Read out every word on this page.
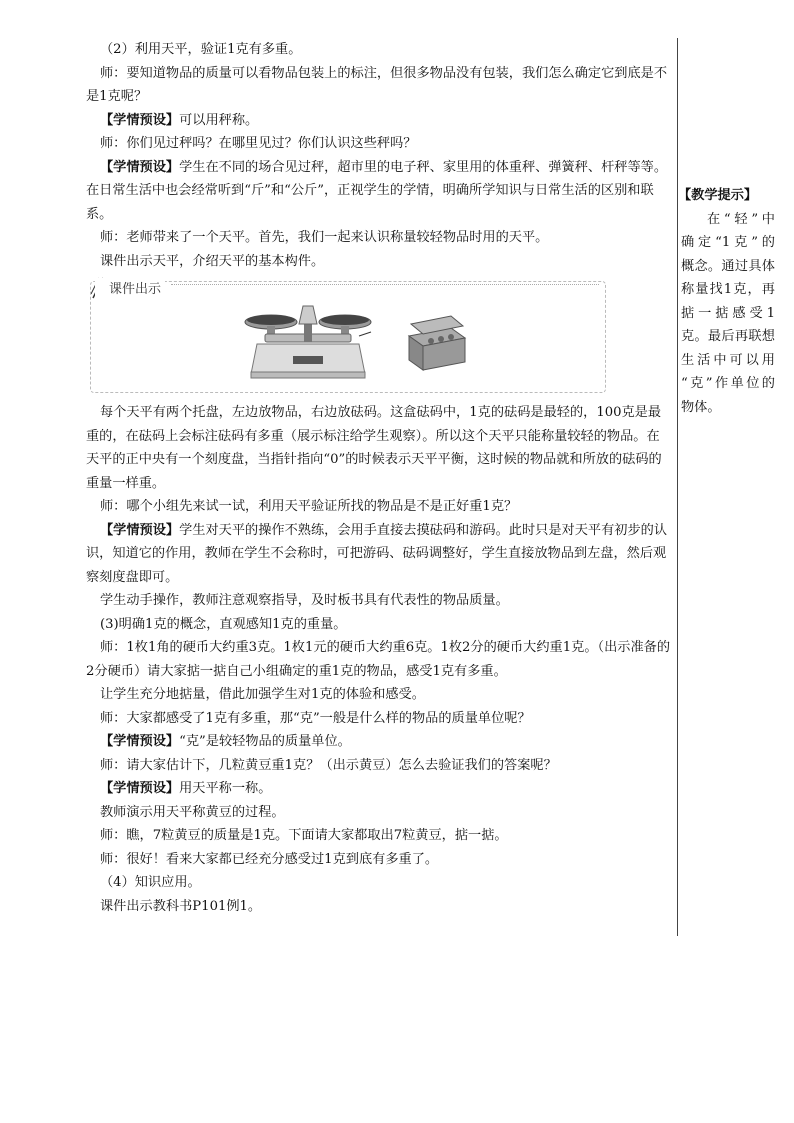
（2）利用天平，验证1克有多重。

师：要知道物品的质量可以看物品包装上的标注，但很多物品没有包装，我们怎么确定它到底是不是1克呢？

【学情预设】可以用秤称。

师：你们见过秤吗？在哪里见过？你们认识这些秤吗？

【学情预设】学生在不同的场合见过秤，超市里的电子秤、家里用的体重秤、弹簧秤、杆秤等等。在日常生活中也会经常听到“斤”和“公斤”，正视学生的学情，明确所学知识与日常生活的区别和联系。

师：老师带来了一个天平。首先，我们一起来认识称量较轻物品时用的天平。

课件出示天平，介绍天平的基本构件。

课件出示

每个天平有两个托盘，左边放物品，右边放砝码。这盒砝码中，1克的砝码是最轻的，100克是最重的，在砝码上会标注砝码有多重（展示标注给学生观察）。所以这个天平只能称量较轻的物品。在天平的正中央有一个刻度盘，当指针指向“0”的时候表示天平平衡，这时候的物品就和所放的砝码的重量一样重。

师：哪个小组先来试一试，利用天平验证所找的物品是不是正好重1克？

【学情预设】学生对天平的操作不熟练，会用手直接去摸砝码和游码。此时只是对天平有初步的认识，知道它的作用，教师在学生不会称时，可把游码、砝码调整好，学生直接放物品到左盘，然后观察刻度盘即可。

学生动手操作，教师注意观察指导，及时板书具有代表性的物品质量。

(3)明确1克的概念，直观感知1克的重量。

师：1枚1角的硬币大约重3克。1枚1元的硬币大约重6克。1枚2分的硬币大约重1克。（出示准备的2分硬币）请大家掂一掂自己小组确定的重1克的物品，感受1克有多重。

让学生充分地掂量，借此加强学生对1克的体验和感受。

师：大家都感受了1克有多重，那“克”一般是什么样的物品的质量单位呢？

【学情预设】“克”是较轻物品的质量单位。

师：请大家估计下，几粒黄豆重1克？（出示黄豆）怎么去验证我们的答案呢？

【学情预设】用天平称一称。

教师演示用天平称黄豆的过程。

师：瞧，7粒黄豆的质量是1克。下面请大家都取出7粒黄豆，掂一掂。

师：很好！看来大家都已经充分感受过1克到底有多重了。

（4）知识应用。

课件出示教科书P101例1。

【教学提示】
在“轻”中
确定“1克”的
概念。通过具体
称量找1克，再
掂一掂感受1
克。最后再联想
生活中可以用
“克”作单位的
物体。
